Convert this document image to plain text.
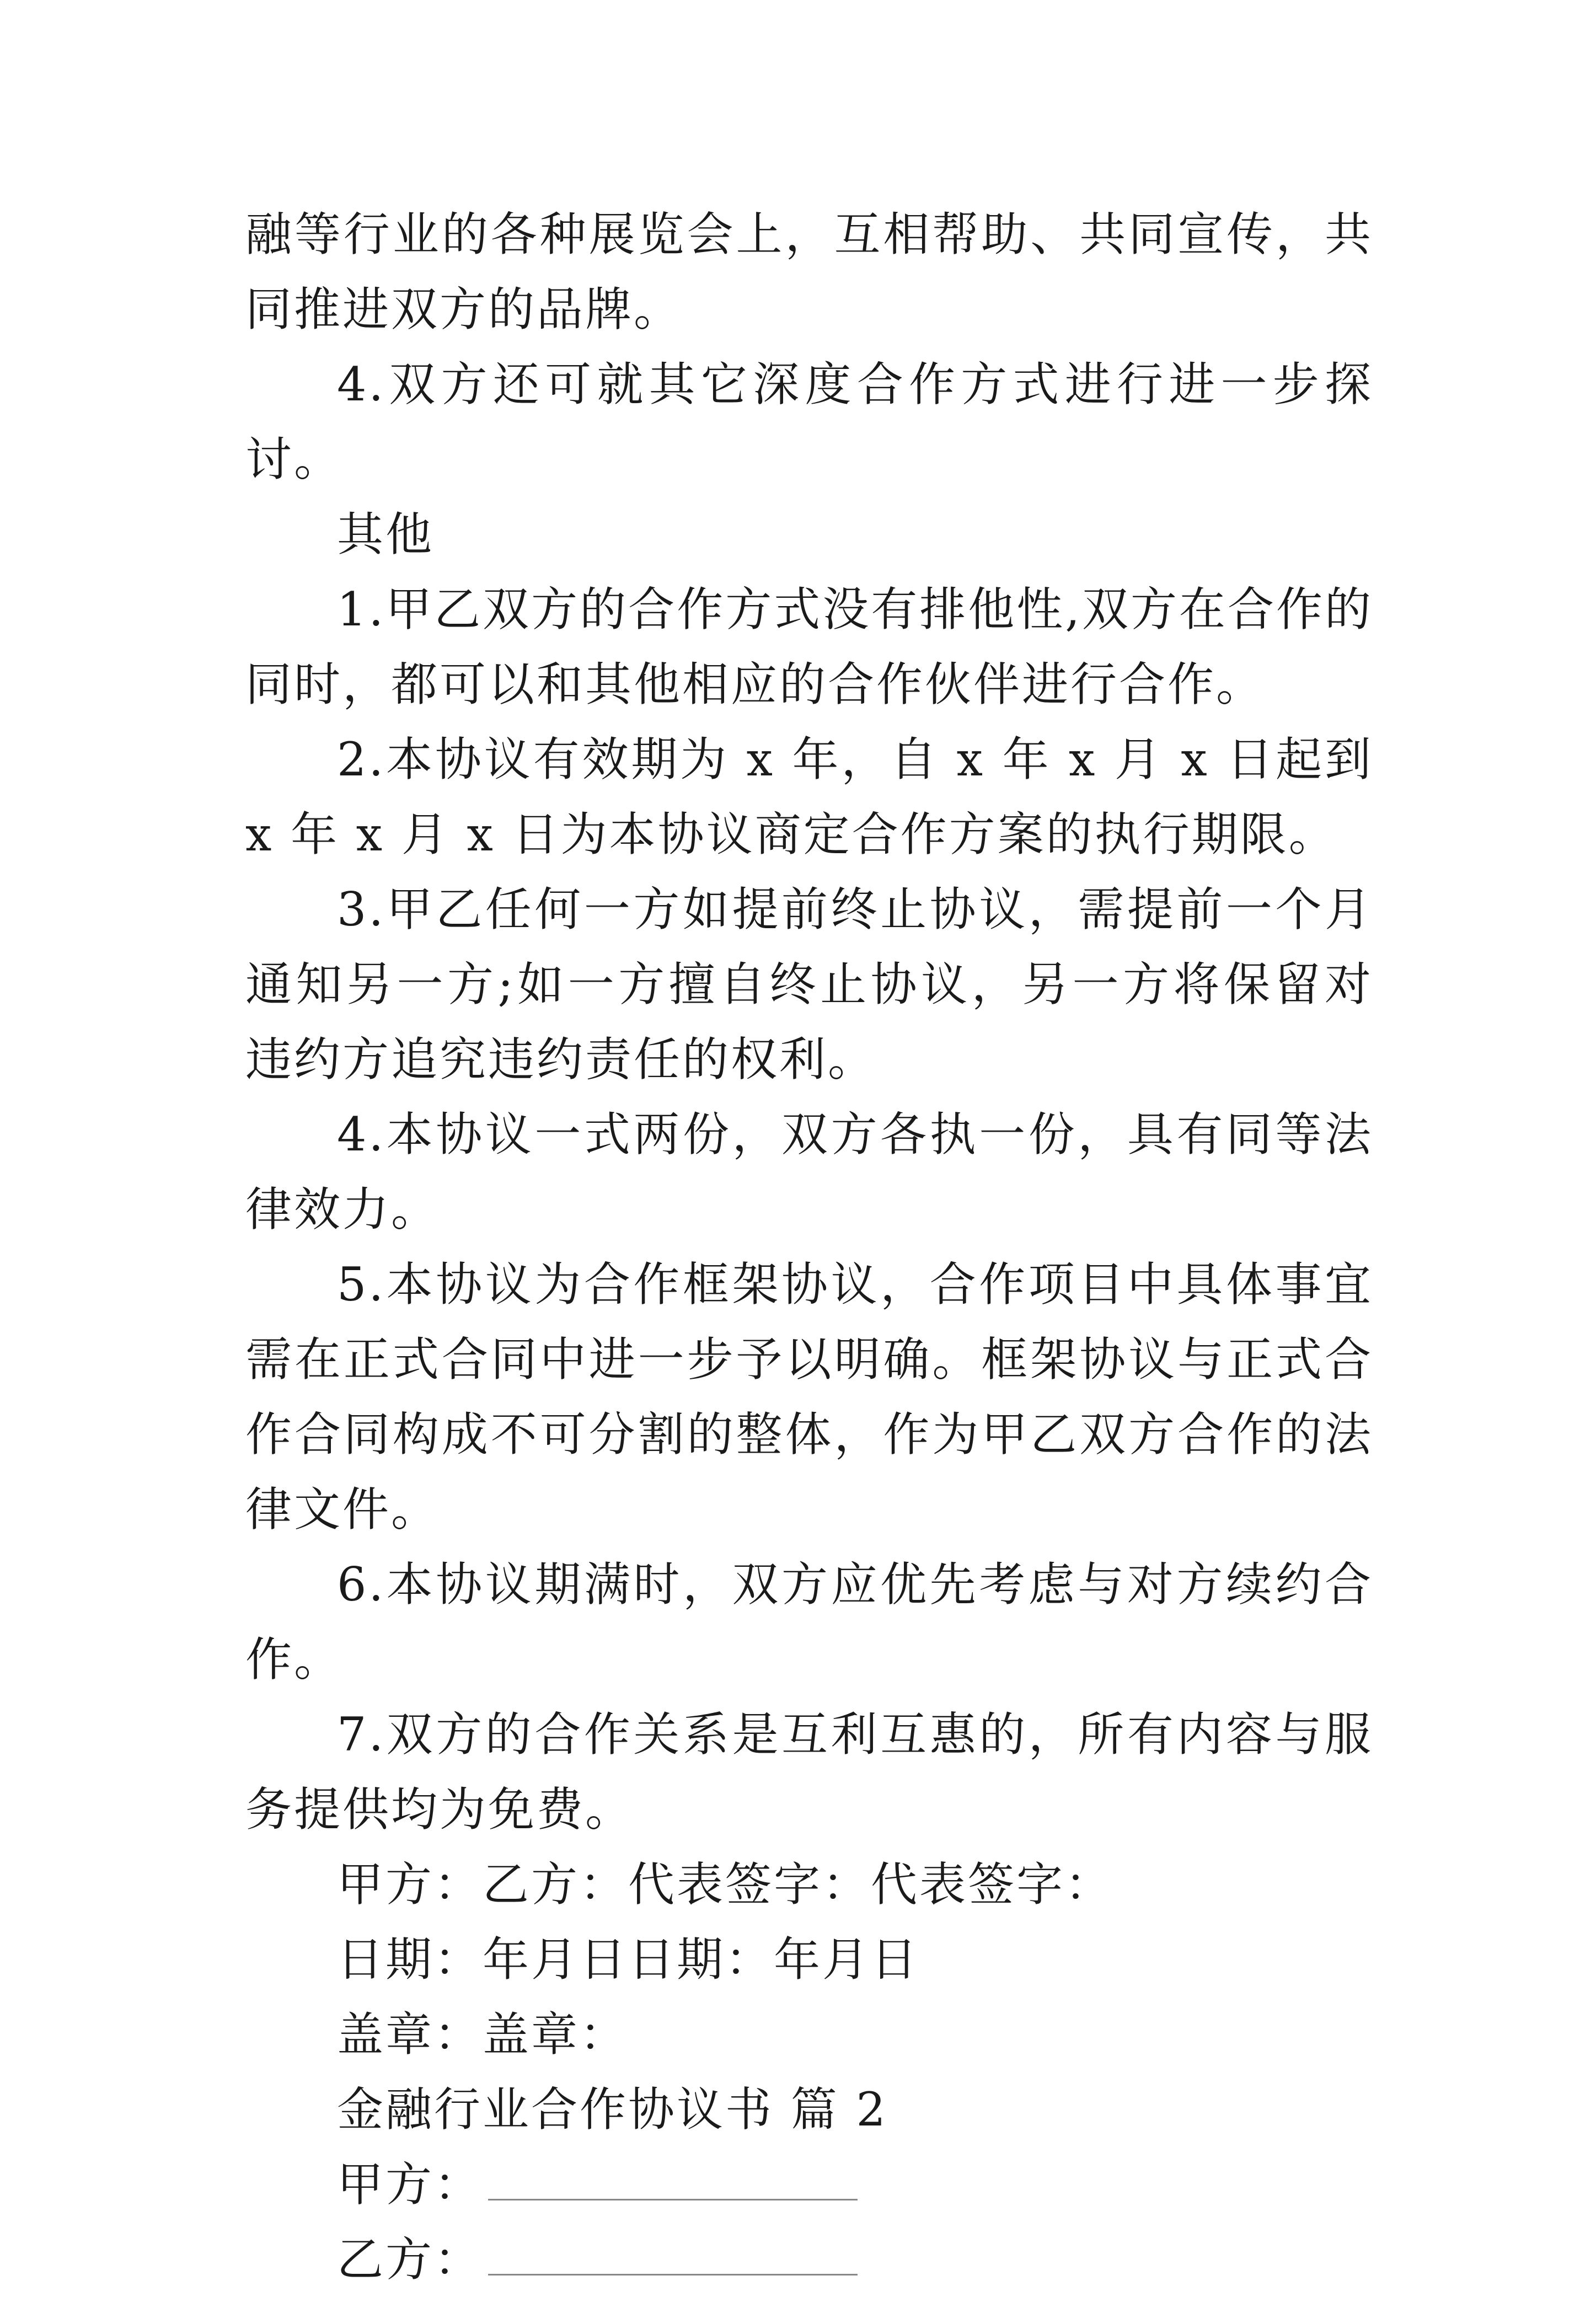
融等行业的各种展览会上，互相帮助、共同宣传，共同推进双方的品牌。

4.双方还可就其它深度合作方式进行进一步探讨。

其他

1.甲乙双方的合作方式没有排他性,双方在合作的同时，都可以和其他相应的合作伙伴进行合作。

2.本协议有效期为 x 年，自 x 年 x 月 x 日起到 x 年 x 月 x 日为本协议商定合作方案的执行期限。

3.甲乙任何一方如提前终止协议，需提前一个月通知另一方;如一方擅自终止协议，另一方将保留对违约方追究违约责任的权利。

4.本协议一式两份，双方各执一份，具有同等法律效力。

5.本协议为合作框架协议，合作项目中具体事宜需在正式合同中进一步予以明确。框架协议与正式合作合同构成不可分割的整体，作为甲乙双方合作的法律文件。

6.本协议期满时，双方应优先考虑与对方续约合作。

7.双方的合作关系是互利互惠的，所有内容与服务提供均为免费。

甲方：乙方：代表签字：代表签字：

日期：年月日日期：年月日

盖章：盖章：

金融行业合作协议书 篇 2

甲方：

乙方：
